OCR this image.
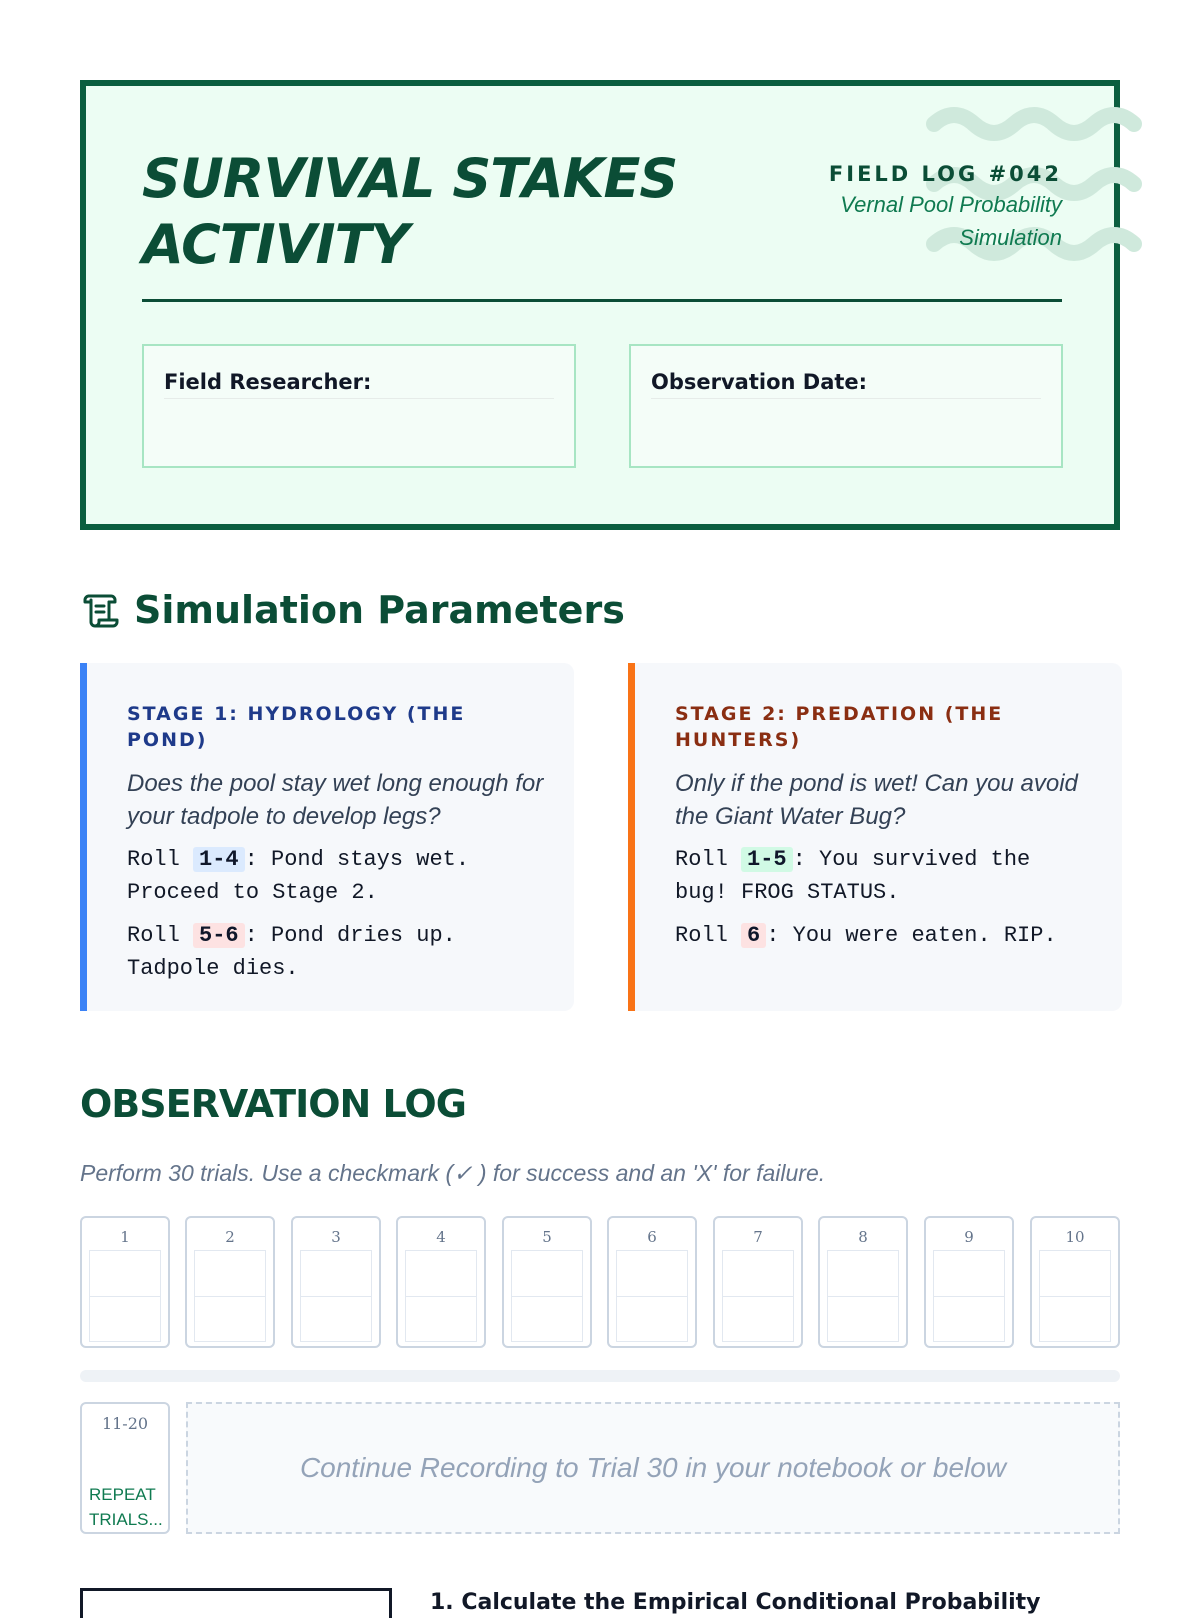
SURVIVAL STAKES ACTIVITY
FIELD LOG #042
Vernal Pool Probability Simulation
Field Researcher:	Observation Date:
Simulation Parameters
STAGE 1: HYDROLOGY (THE POND)
Does the pool stay wet long enough for your tadpole to develop legs?
Roll 1-4 : Pond stays wet. Proceed to Stage 2.
Roll 5-6 : Pond dries up. Tadpole dies.
STAGE 2: PREDATION (THE HUNTERS)
Only if the pond is wet! Can you avoid the Giant Water Bug?
Roll 1-5 : You survived the bug! FROG STATUS.
Roll 6 : You were eaten. RIP.
OBSERVATION LOG
Perform 30 trials. Use a checkmark (✓ ) for success and an 'X' for failure.
1	2	3	4	5	6	7	8	9	10
11-20
REPEAT TRIALS...
Continue Recording to Trial 30 in your notebook or below
1. Calculate the Empirical Conditional Probability
